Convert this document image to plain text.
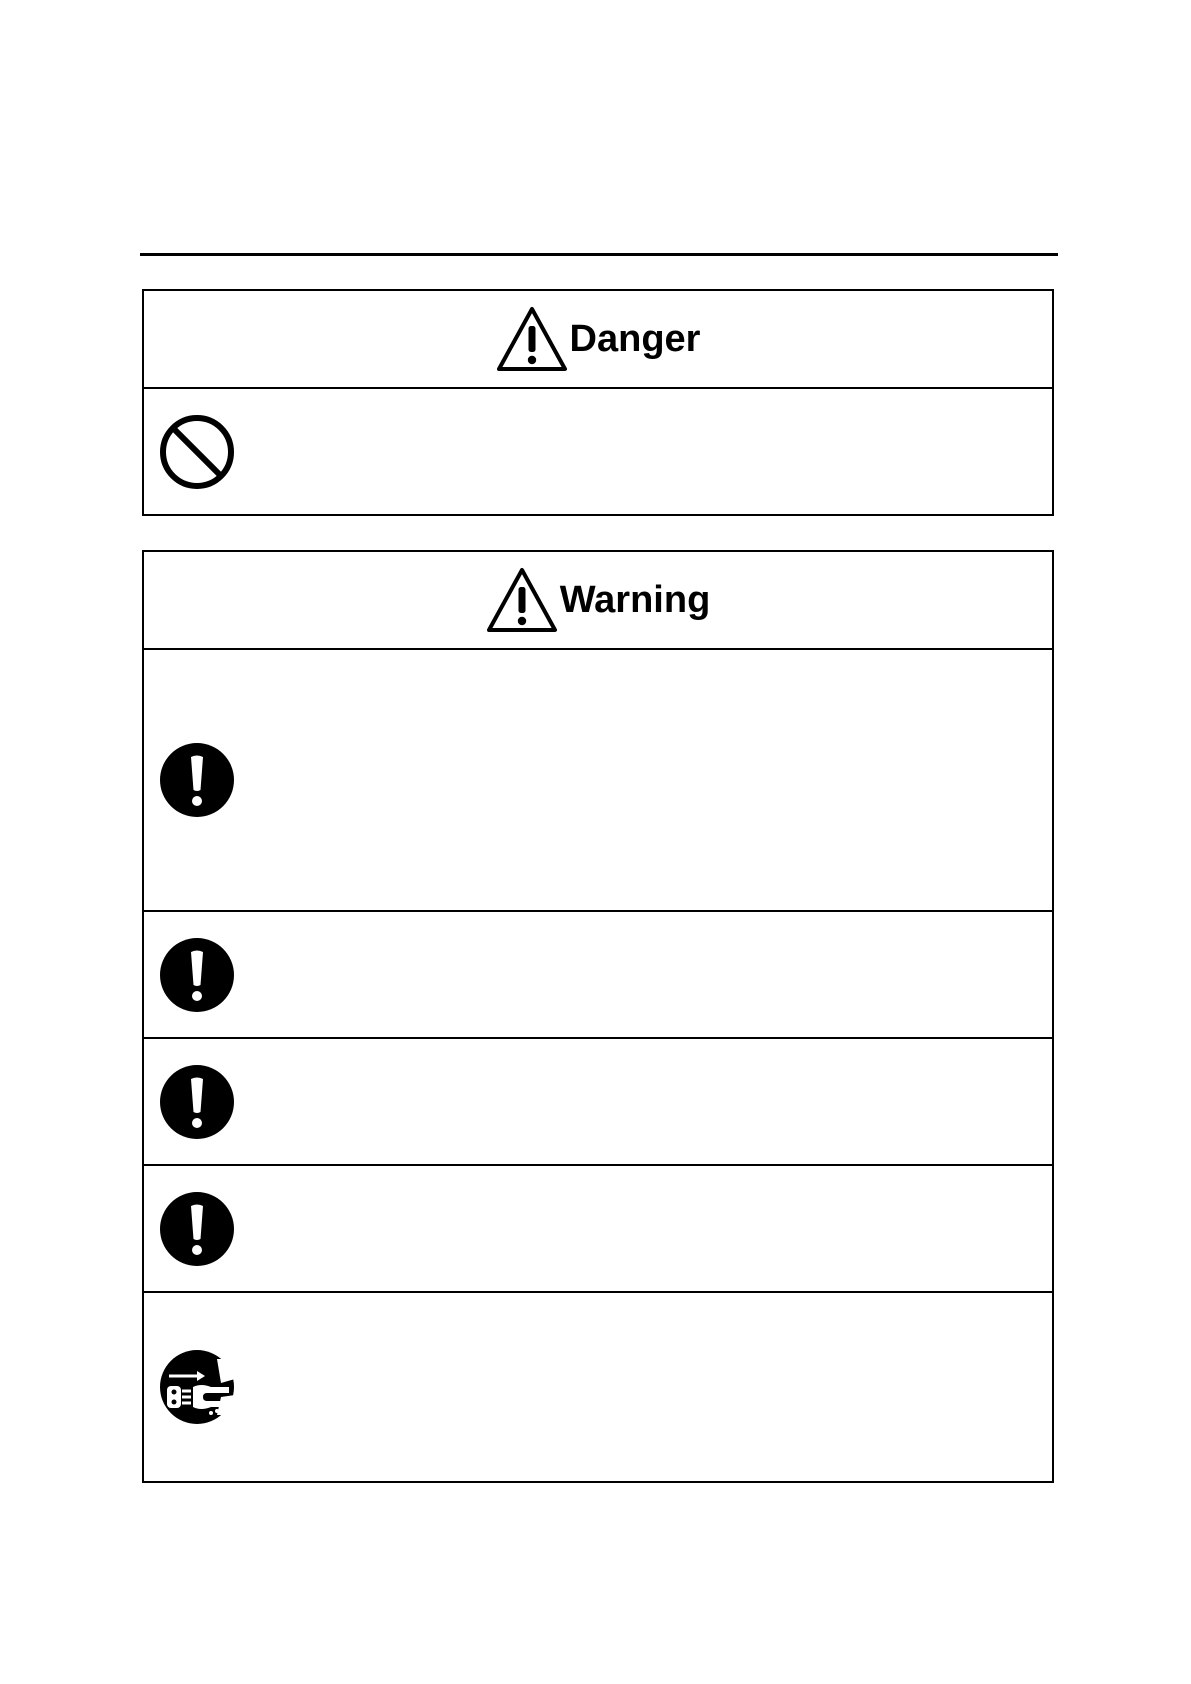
Danger
Warning
